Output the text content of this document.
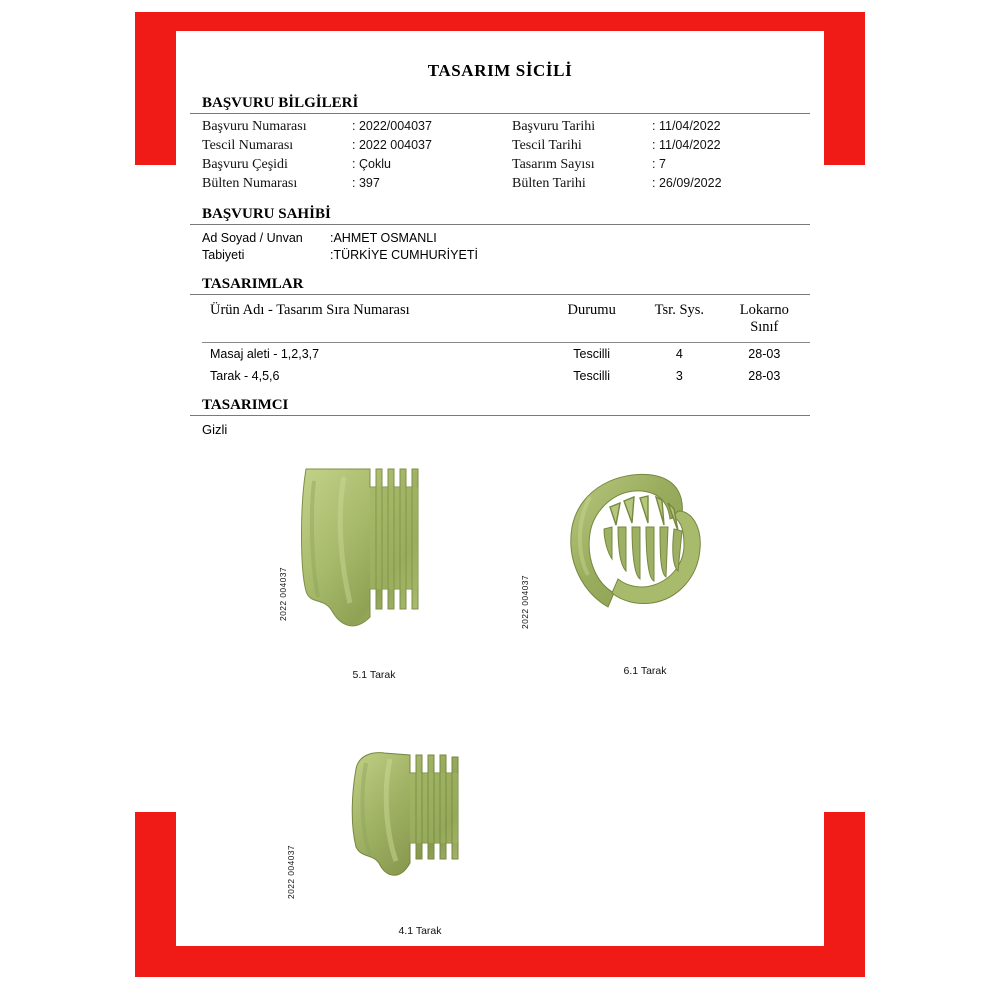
TASARIM SİCİLİ
BAŞVURU BİLGİLERİ
Başvuru Numarası	: 2022/004037	Başvuru Tarihi	: 11/04/2022
Tescil Numarası	: 2022 004037	Tescil Tarihi	: 11/04/2022
Başvuru Çeşidi	: Çoklu	Tasarım Sayısı	: 7
Bülten Numarası	: 397	Bülten Tarihi	: 26/09/2022
BAŞVURU SAHİBİ
Ad Soyad / Unvan	:AHMET OSMANLI
Tabiyeti	:TÜRKİYE CUMHURİYETİ
TASARIMLAR
Ürün Adı - Tasarım Sıra Numarası	Durumu	Tsr. Sys.	Lokarno
Sınıf
Masaj aleti - 1,2,3,7	Tescilli	4	28-03
Tarak - 4,5,6	Tescilli	3	28-03
TASARIMCI
Gizli
5.1 Tarak
2022 004037
6.1 Tarak
2022 004037
4.1 Tarak
2022 004037
